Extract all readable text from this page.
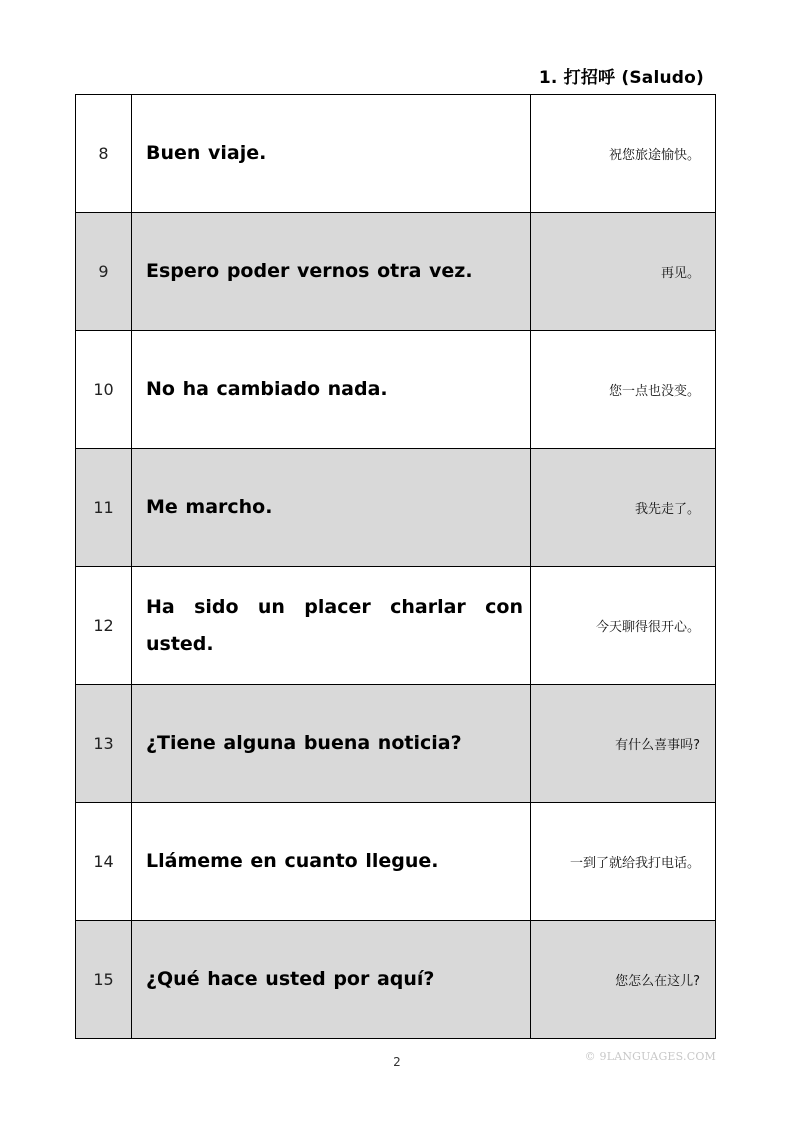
1. 打招呼 (Saludo)
8	Buen viaje.	祝您旅途愉快。
9	Espero poder vernos otra vez.	再见。
10	No ha cambiado nada.	您一点也没变。
11	Me marcho.	我先走了。
12	Ha sido un placer charlar con usted.	今天聊得很开心。
13	¿Tiene alguna buena noticia?	有什么喜事吗?
14	Llámeme en cuanto llegue.	一到了就给我打电话。
15	¿Qué hace usted por aquí?	您怎么在这儿?
2	© 9LANGUAGES.COM
